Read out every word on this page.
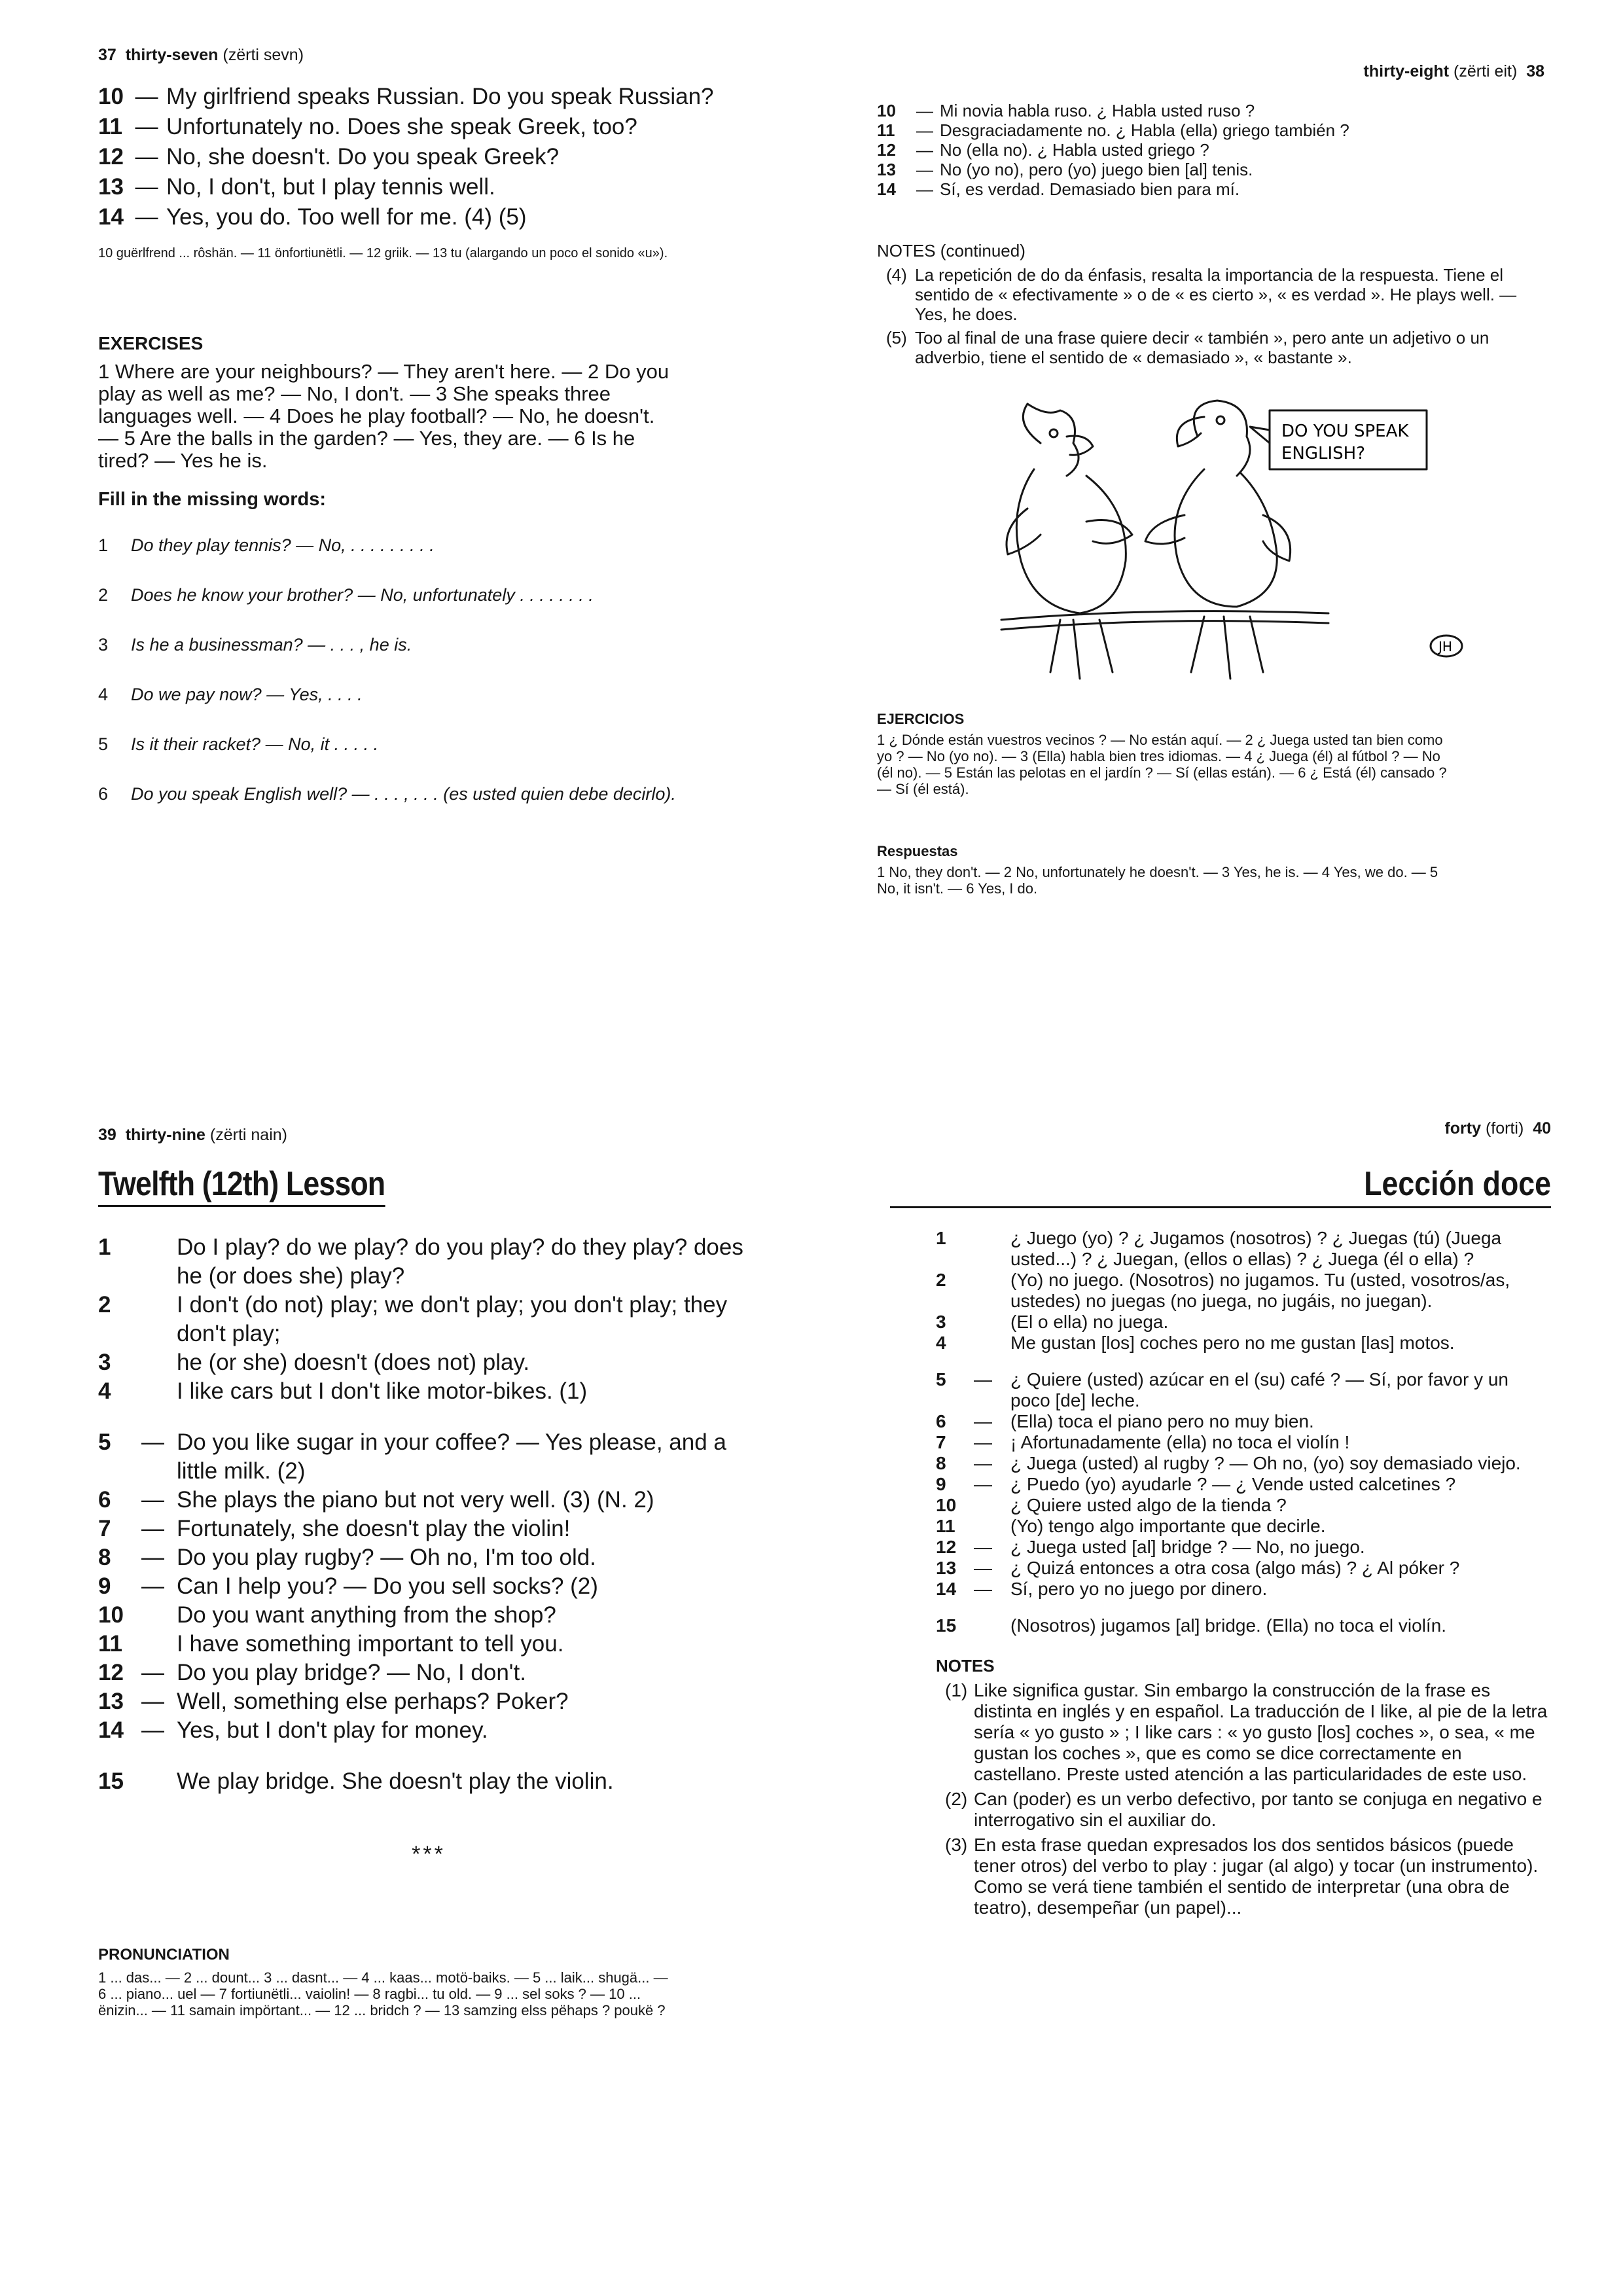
37 thirty-seven (zërti sevn)
10 — My girlfriend speaks Russian. Do you speak Russian?
11 — Unfortunately no. Does she speak Greek, too?
12 — No, she doesn't. Do you speak Greek?
13 — No, I don't, but I play tennis well.
14 — Yes, you do. Too well for me. (4) (5)
10 guërlfrend ... rôshän. — 11 önfortiunëtli. — 12 griik. — 13 tu (alargando un poco el sonido «u»).
EXERCISES
1 Where are your neighbours? — They aren't here. — 2 Do you play as well as me? — No, I don't. — 3 She speaks three languages well. — 4 Does he play football? — No, he doesn't. — 5 Are the balls in the garden? — Yes, they are. — 6 Is he tired? — Yes he is.
Fill in the missing words:
1	Do they play tennis? — No, . . . . . . . . .
2	Does he know your brother? — No, unfortunately . . . . . . . .
3	Is he a businessman? — . . . , he is.
4	Do we pay now? — Yes, . . . .
5	Is it their racket? — No, it . . . . .
6	Do you speak English well? — . . . , . . . (es usted quien debe decirlo).
thirty-eight (zërti eit) 38
10	— Mi novia habla ruso. ¿ Habla usted ruso ?
11	— Desgraciadamente no. ¿ Habla (ella) griego también ?
12	— No (ella no). ¿ Habla usted griego ?
13	— No (yo no), pero (yo) juego bien [al] tenis.
14	— Sí, es verdad. Demasiado bien para mí.
NOTES (continued)
(4) La repetición de do da énfasis, resalta la importancia de la respuesta. Tiene el sentido de « efectivamente » o de « es cierto », « es verdad ». He plays well. — Yes, he does.
(5) Too al final de una frase quiere decir « también », pero ante un adjetivo o un adverbio, tiene el sentido de « demasiado », « bastante ».
DO YOU SPEAK
ENGLISH?
JH
EJERCICIOS
1 ¿ Dónde están vuestros vecinos ? — No están aquí. — 2 ¿ Juega usted tan bien como yo ? — No (yo no). — 3 (Ella) habla bien tres idiomas. — 4 ¿ Juega (él) al fútbol ? — No (él no). — 5 Están las pelotas en el jardín ? — Sí (ellas están). — 6 ¿ Está (él) cansado ? — Sí (él está).
Respuestas
1 No, they don't. — 2 No, unfortunately he doesn't. — 3 Yes, he is. — 4 Yes, we do. — 5 No, it isn't. — 6 Yes, I do.
39 thirty-nine (zërti nain)
Twelfth (12th) Lesson
1	Do I play? do we play? do you play? do they play? does he (or does she) play?
2	I don't (do not) play; we don't play; you don't play; they don't play;
3	he (or she) doesn't (does not) play.
4	I like cars but I don't like motor-bikes. (1)
5	— Do you like sugar in your coffee? — Yes please, and a little milk. (2)
6	— She plays the piano but not very well. (3) (N. 2)
7	— Fortunately, she doesn't play the violin!
8	— Do you play rugby? — Oh no, I'm too old.
9	— Can I help you? — Do you sell socks? (2)
10	Do you want anything from the shop?
11	I have something important to tell you.
12 — Do you play bridge? — No, I don't.
13 — Well, something else perhaps? Poker?
14 — Yes, but I don't play for money.
15	We play bridge. She doesn't play the violin.
***
PRONUNCIATION
1 ... das... — 2 ... dount... 3 ... dasnt... — 4 ... kaas... motö-baiks. — 5 ... laik... shugä... — 6 ... piano... uel — 7 fortiunëtli... vaiolin! — 8 ragbi... tu old. — 9 ... sel soks ? — 10 ... ënizin... — 11 samain impörtant... — 12 ... bridch ? — 13 samzing elss pëhaps ? poukë ?
forty (forti) 40
Lección doce
1	¿ Juego (yo) ? ¿ Jugamos (nosotros) ? ¿ Juegas (tú) (Juega usted...) ? ¿ Juegan, (ellos o ellas) ? ¿ Juega (él o ella) ?
2	(Yo) no juego. (Nosotros) no jugamos. Tu (usted, vosotros/as, ustedes) no juegas (no juega, no jugáis, no juegan).
3	(El o ella) no juega.
4	Me gustan [los] coches pero no me gustan [las] motos.
5	—	¿ Quiere (usted) azúcar en el (su) café ? — Sí, por favor y un poco [de] leche.
6	—	(Ella) toca el piano pero no muy bien.
7	—	¡ Afortunadamente (ella) no toca el violín !
8	—	¿ Juega (usted) al rugby ? — Oh no, (yo) soy demasiado viejo.
9	—	¿ Puedo (yo) ayudarle ? — ¿ Vende usted calcetines ?
10	¿ Quiere usted algo de la tienda ?
11	(Yo) tengo algo importante que decirle.
12 —	¿ Juega usted [al] bridge ? — No, no juego.
13 —	¿ Quizá entonces a otra cosa (algo más) ? ¿ Al póker ?
14 —	Sí, pero yo no juego por dinero.
15	(Nosotros) jugamos [al] bridge. (Ella) no toca el violín.
NOTES
(1) Like significa gustar. Sin embargo la construcción de la frase es distinta en inglés y en español. La traducción de I like, al pie de la letra sería « yo gusto » ; I like cars : « yo gusto [los] coches », o sea, « me gustan los coches », que es como se dice correctamente en castellano. Preste usted atención a las particularidades de este uso.
(2) Can (poder) es un verbo defectivo, por tanto se conjuga en negativo e interrogativo sin el auxiliar do.
(3) En esta frase quedan expresados los dos sentidos básicos (puede tener otros) del verbo to play : jugar (al algo) y tocar (un instrumento). Como se verá tiene también el sentido de interpretar (una obra de teatro), desempeñar (un papel)...
